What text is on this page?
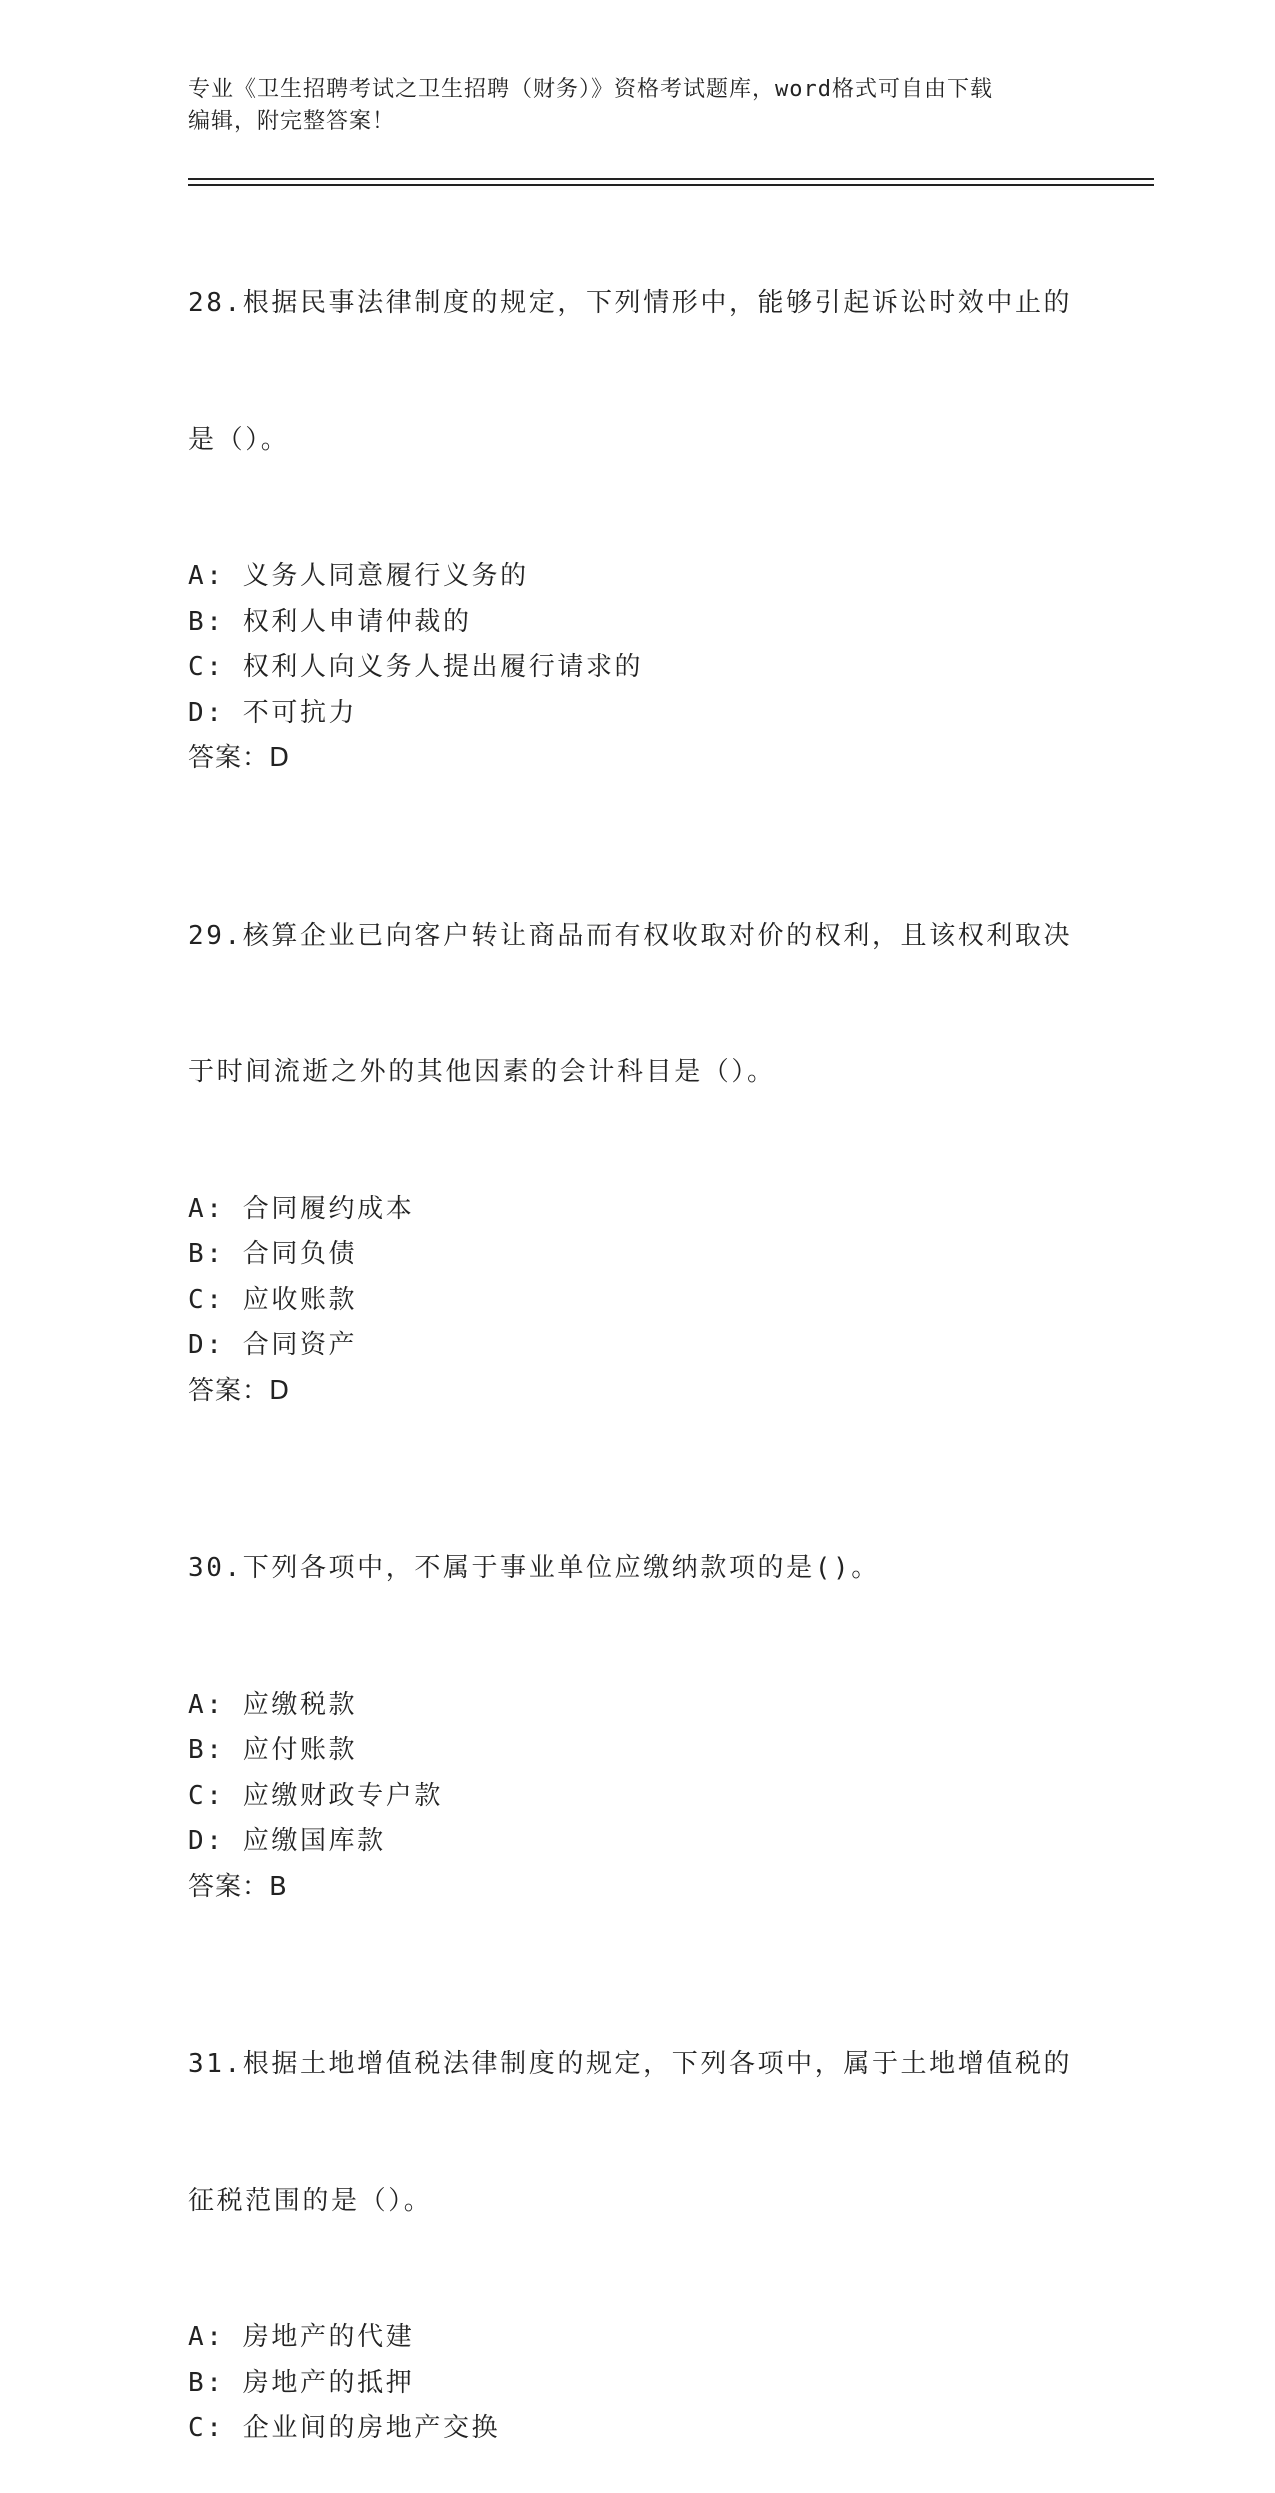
专业《卫生招聘考试之卫生招聘（财务）》资格考试题库，word格式可自由下载
编辑，附完整答案！

28.根据民事法律制度的规定，下列情形中，能够引起诉讼时效中止的

是（）。

A: 义务人同意履行义务的
B: 权利人申请仲裁的
C: 权利人向义务人提出履行请求的
D: 不可抗力
答案：D

29.核算企业已向客户转让商品而有权收取对价的权利，且该权利取决

于时间流逝之外的其他因素的会计科目是（）。

A: 合同履约成本
B: 合同负债
C: 应收账款
D: 合同资产
答案：D

30.下列各项中，不属于事业单位应缴纳款项的是()。

A: 应缴税款
B: 应付账款
C: 应缴财政专户款
D: 应缴国库款
答案：B

31.根据土地增值税法律制度的规定，下列各项中，属于土地增值税的

征税范围的是（）。

A: 房地产的代建
B: 房地产的抵押
C: 企业间的房地产交换
